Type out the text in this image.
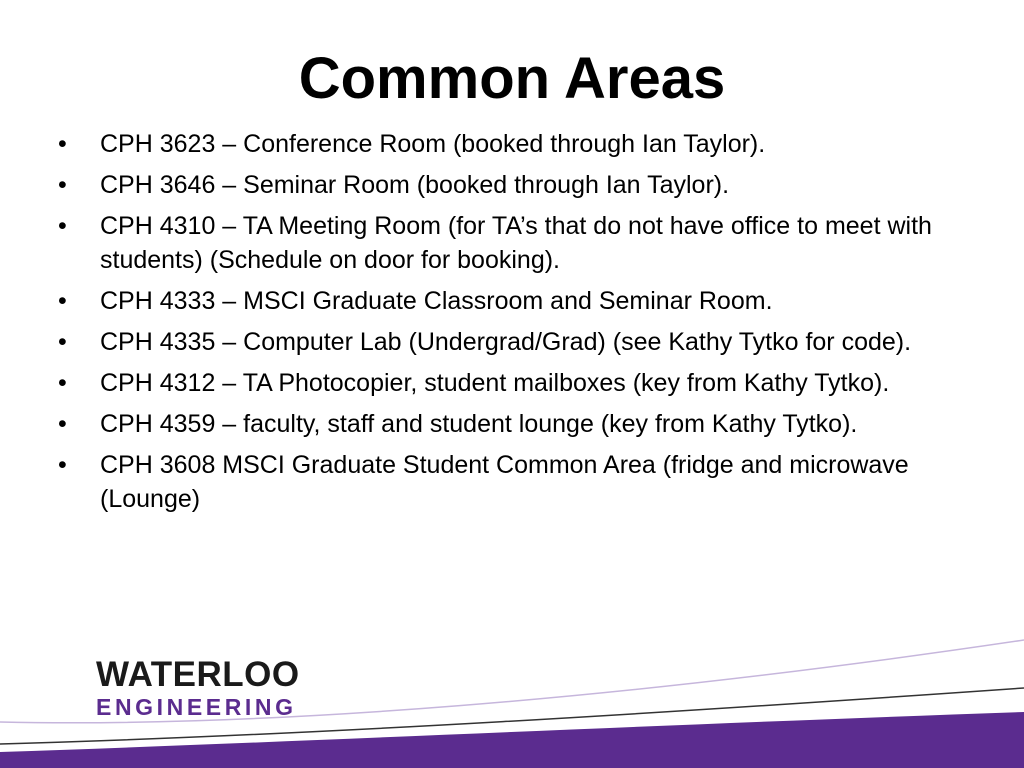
Common Areas
•	CPH 3623 – Conference Room (booked through Ian Taylor).
•	CPH 3646 – Seminar Room (booked through Ian Taylor).
•	CPH 4310 – TA Meeting Room (for TA’s that do not have office to meet with students) (Schedule on door for booking).
•	CPH 4333 – MSCI Graduate Classroom and Seminar Room.
•	CPH 4335 – Computer Lab (Undergrad/Grad) (see Kathy Tytko for code).
•	CPH 4312 – TA Photocopier, student mailboxes (key from Kathy Tytko).
•	CPH 4359 – faculty, staff and student lounge (key from Kathy Tytko).
•	CPH 3608 MSCI Graduate Student Common Area (fridge and microwave (Lounge)
WATERLOO
ENGINEERING
